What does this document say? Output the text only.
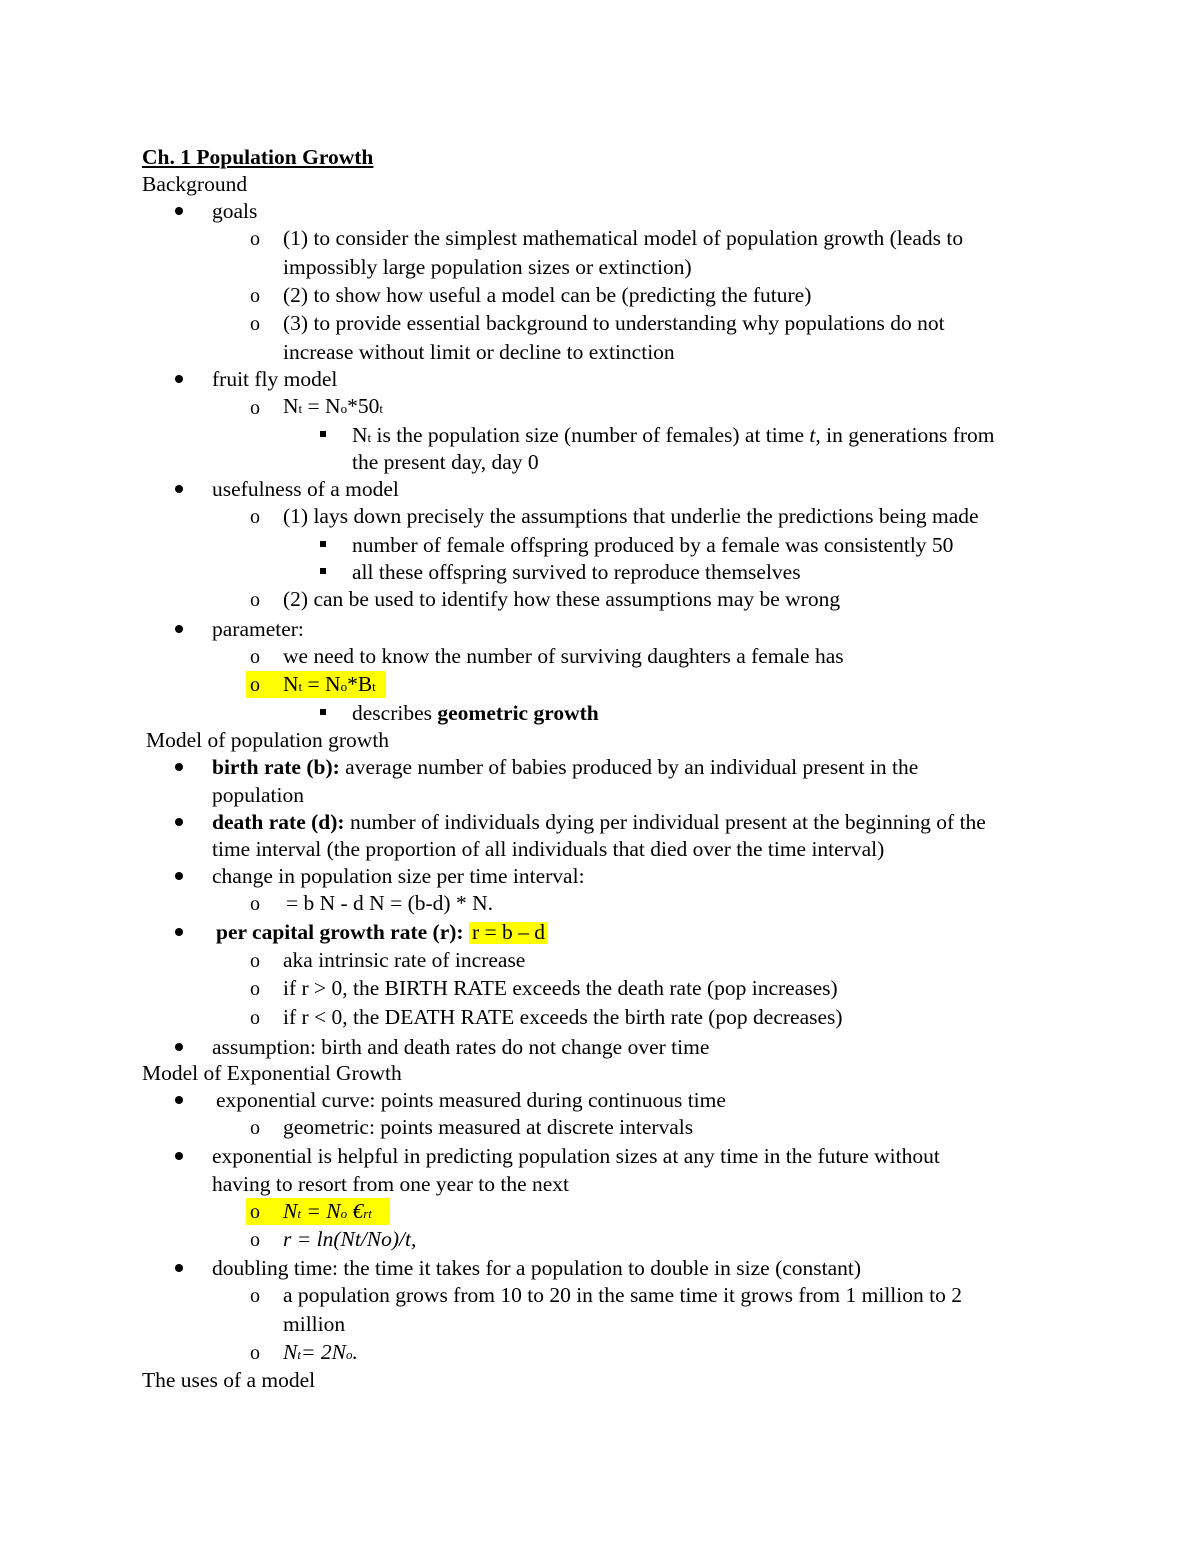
Ch. 1 Population Growth
Background
goals
o (1) to consider the simplest mathematical model of population growth (leads to
impossibly large population sizes or extinction)
o (2) to show how useful a model can be (predicting the future)
o (3) to provide essential background to understanding why populations do not
increase without limit or decline to extinction
fruit fly model
o N t = N o *50 t
N t is the population size (number of females) at time t , in generations from
the present day, day 0
usefulness of a model
o (1) lays down precisely the assumptions that underlie the predictions being made
number of female offspring produced by a female was consistently 50
all these offspring survived to reproduce themselves
o (2) can be used to identify how these assumptions may be wrong
parameter:
o we need to know the number of surviving daughters a female has
o N t = N o *B t
describes geometric growth
Model of population growth
birth rate (b): average number of babies produced by an individual present in the
population
death rate (d): number of individuals dying per individual present at the beginning of the
time interval (the proportion of all individuals that died over the time interval)
change in population size per time interval:
o = b N - d N = (b-d) * N.
per capital growth rate (r):
r = b – d
o aka intrinsic rate of increase
o if r > 0, the BIRTH RATE exceeds the death rate (pop increases)
o if r < 0, the DEATH RATE exceeds the birth rate (pop decreases)
assumption: birth and death rates do not change over time
Model of Exponential Growth
exponential curve: points measured during continuous time
o geometric: points measured at discrete intervals
exponential is helpful in predicting population sizes at any time in the future without
having to resort from one year to the next
o N t = N o € rt
o r = ln(Nt/No)/t,
doubling time: the time it takes for a population to double in size (constant)
o a population grows from 10 to 20 in the same time it grows from 1 million to 2
million
o N t = 2N o .
The uses of a model
